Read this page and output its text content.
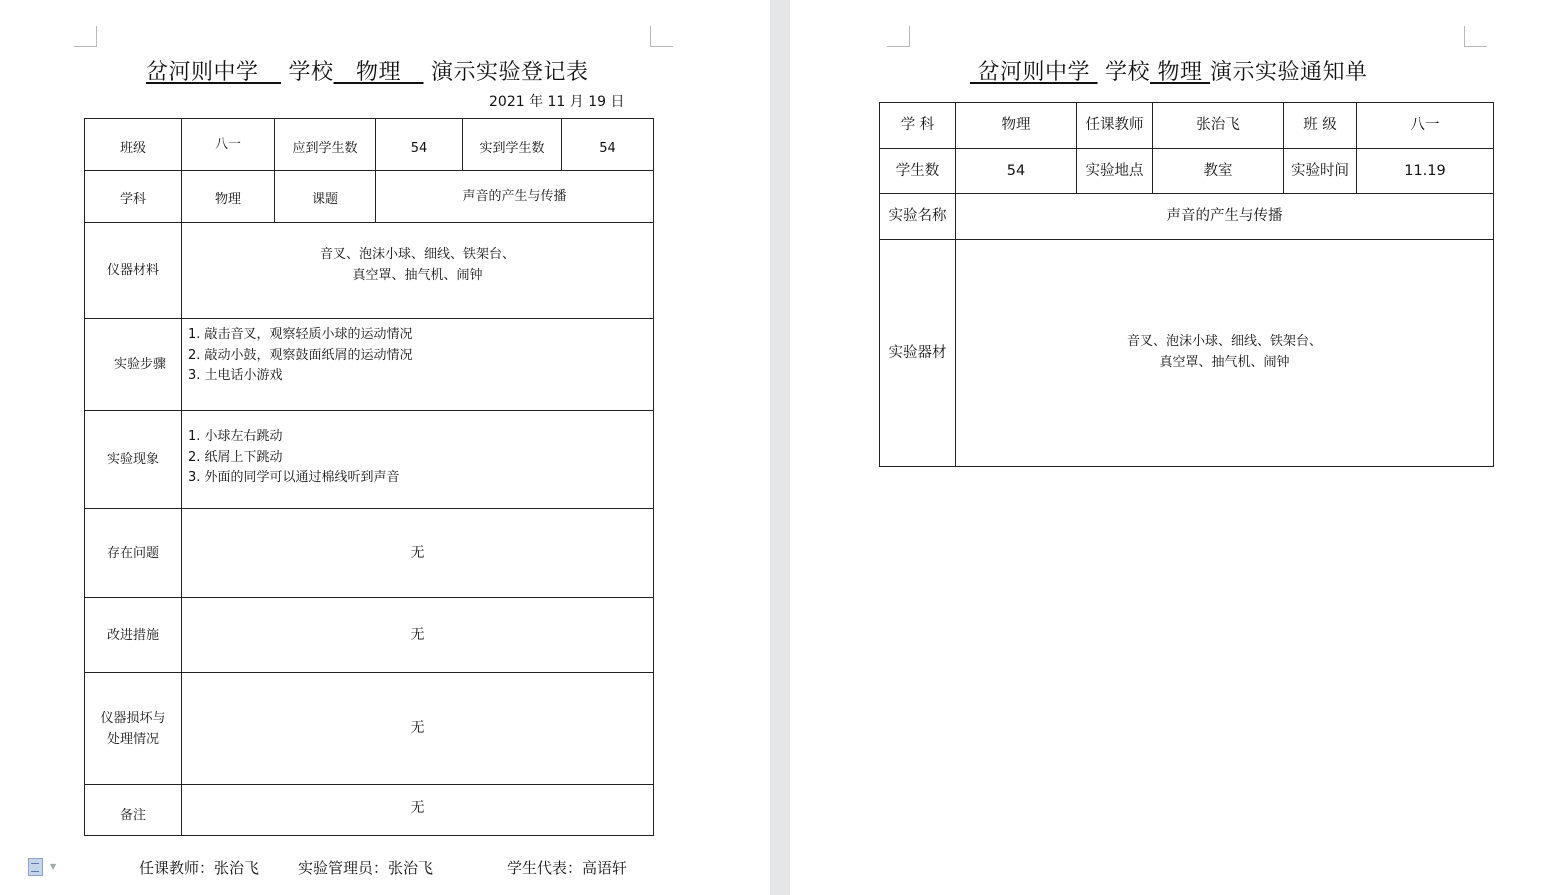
岔河则中学 学校 物理 演示实验登记表
2021 年 11 月 19 日
班级	八一	应到学生数	54	实到学生数	54
学科	物理	课题	声音的产生与传播		
仪器材料	音叉、泡沫小球、细线、铁架台、
真空罩、抽气机、闹钟				

实验步骤	1. 敲击音叉，观察轻质小球的运动情况
2. 敲动小鼓，观察鼓面纸屑的运动情况
3. 土电话小游戏				

实验现象	1. 小球左右跳动
2. 纸屑上下跳动
3. 外面的同学可以通过棉线听到声音				

存在问题	无				
改进措施	无				

仪器损坏与
处理情况	无				
备注	无				
任课教师：张治飞	实验管理员：张治飞	学生代表：高语轩
▼
岔河则中学 学校 物理 演示实验通知单
学 科	物理	任课教师	张治飞	班 级	八一
学生数	54	实验地点	教室	实验时间	11.19
实验名称	声音的产生与传播				
实验器材	音叉、泡沫小球、细线、铁架台、
真空罩、抽气机、闹钟				
